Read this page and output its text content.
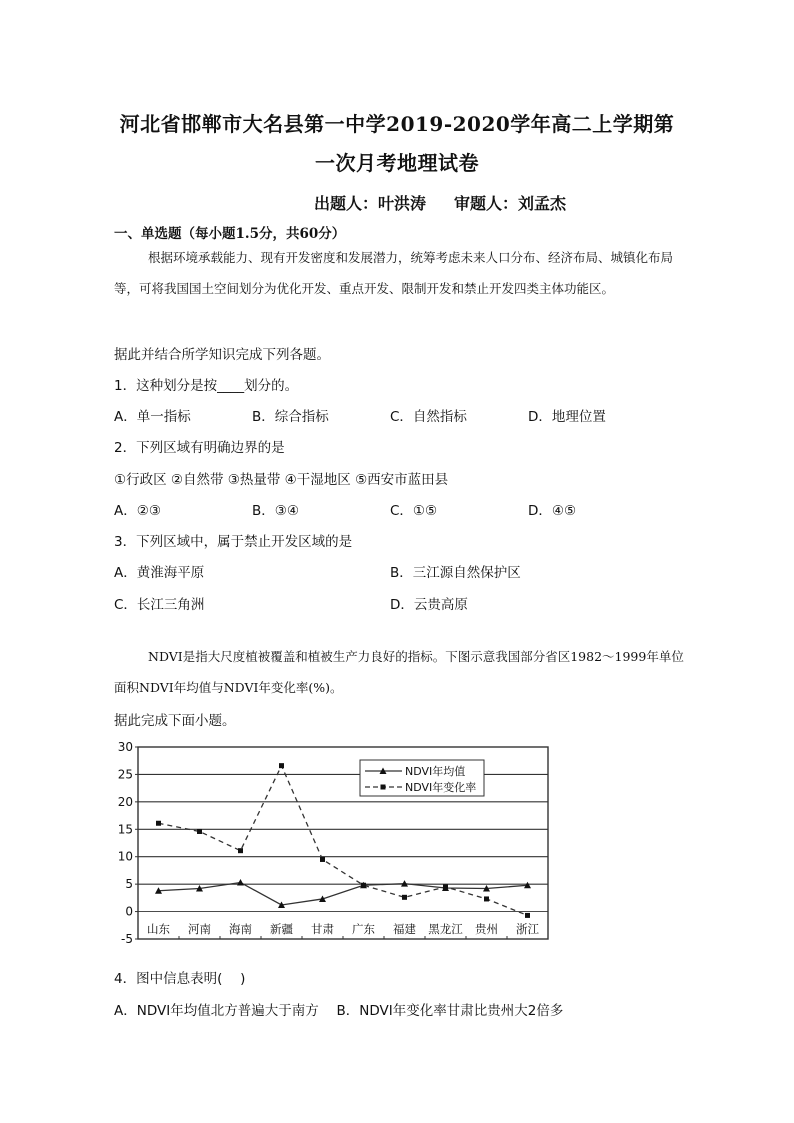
河北省邯郸市大名县第一中学2019-2020学年高二上学期第
一次月考地理试卷
出题人：叶洪涛 审题人：刘孟杰
一、单选题（每小题1.5分，共60分）
根据环境承载能力、现有开发密度和发展潜力，统筹考虑未来人口分布、经济布局、城镇化布局 等，可将我国国土空间划分为优化开发、重点开发、限制开发和禁止开发四类主体功能区。
据此并结合所学知识完成下列各题。
1．这种划分是按____划分的。
A．单一指标	B．综合指标	C．自然指标	D．地理位置
2．下列区域有明确边界的是
①行政区 ②自然带 ③热量带 ④干湿地区 ⑤西安市蓝田县
A．②③	B．③④	C．①⑤	D．④⑤
3．下列区域中，属于禁止开发区域的是
A．黄淮海平原	B．三江源自然保护区
C．长江三角洲	D．云贵高原
NDVI是指大尺度植被覆盖和植被生产力良好的指标。下图示意我国部分省区1982～1999年单位面积NDVI年均值与NDVI年变化率(%)。
据此完成下面小题。
30
25
20
15
10
5
0
-5
山东 河南 海南 新疆 甘肃 广东 福建 黑龙江 贵州 浙江
NDVI年均值
NDVI年变化率
4．图中信息表明(　 )
A．NDVI年均值北方普遍大于南方　 B．NDVI年变化率甘肃比贵州大2倍多
